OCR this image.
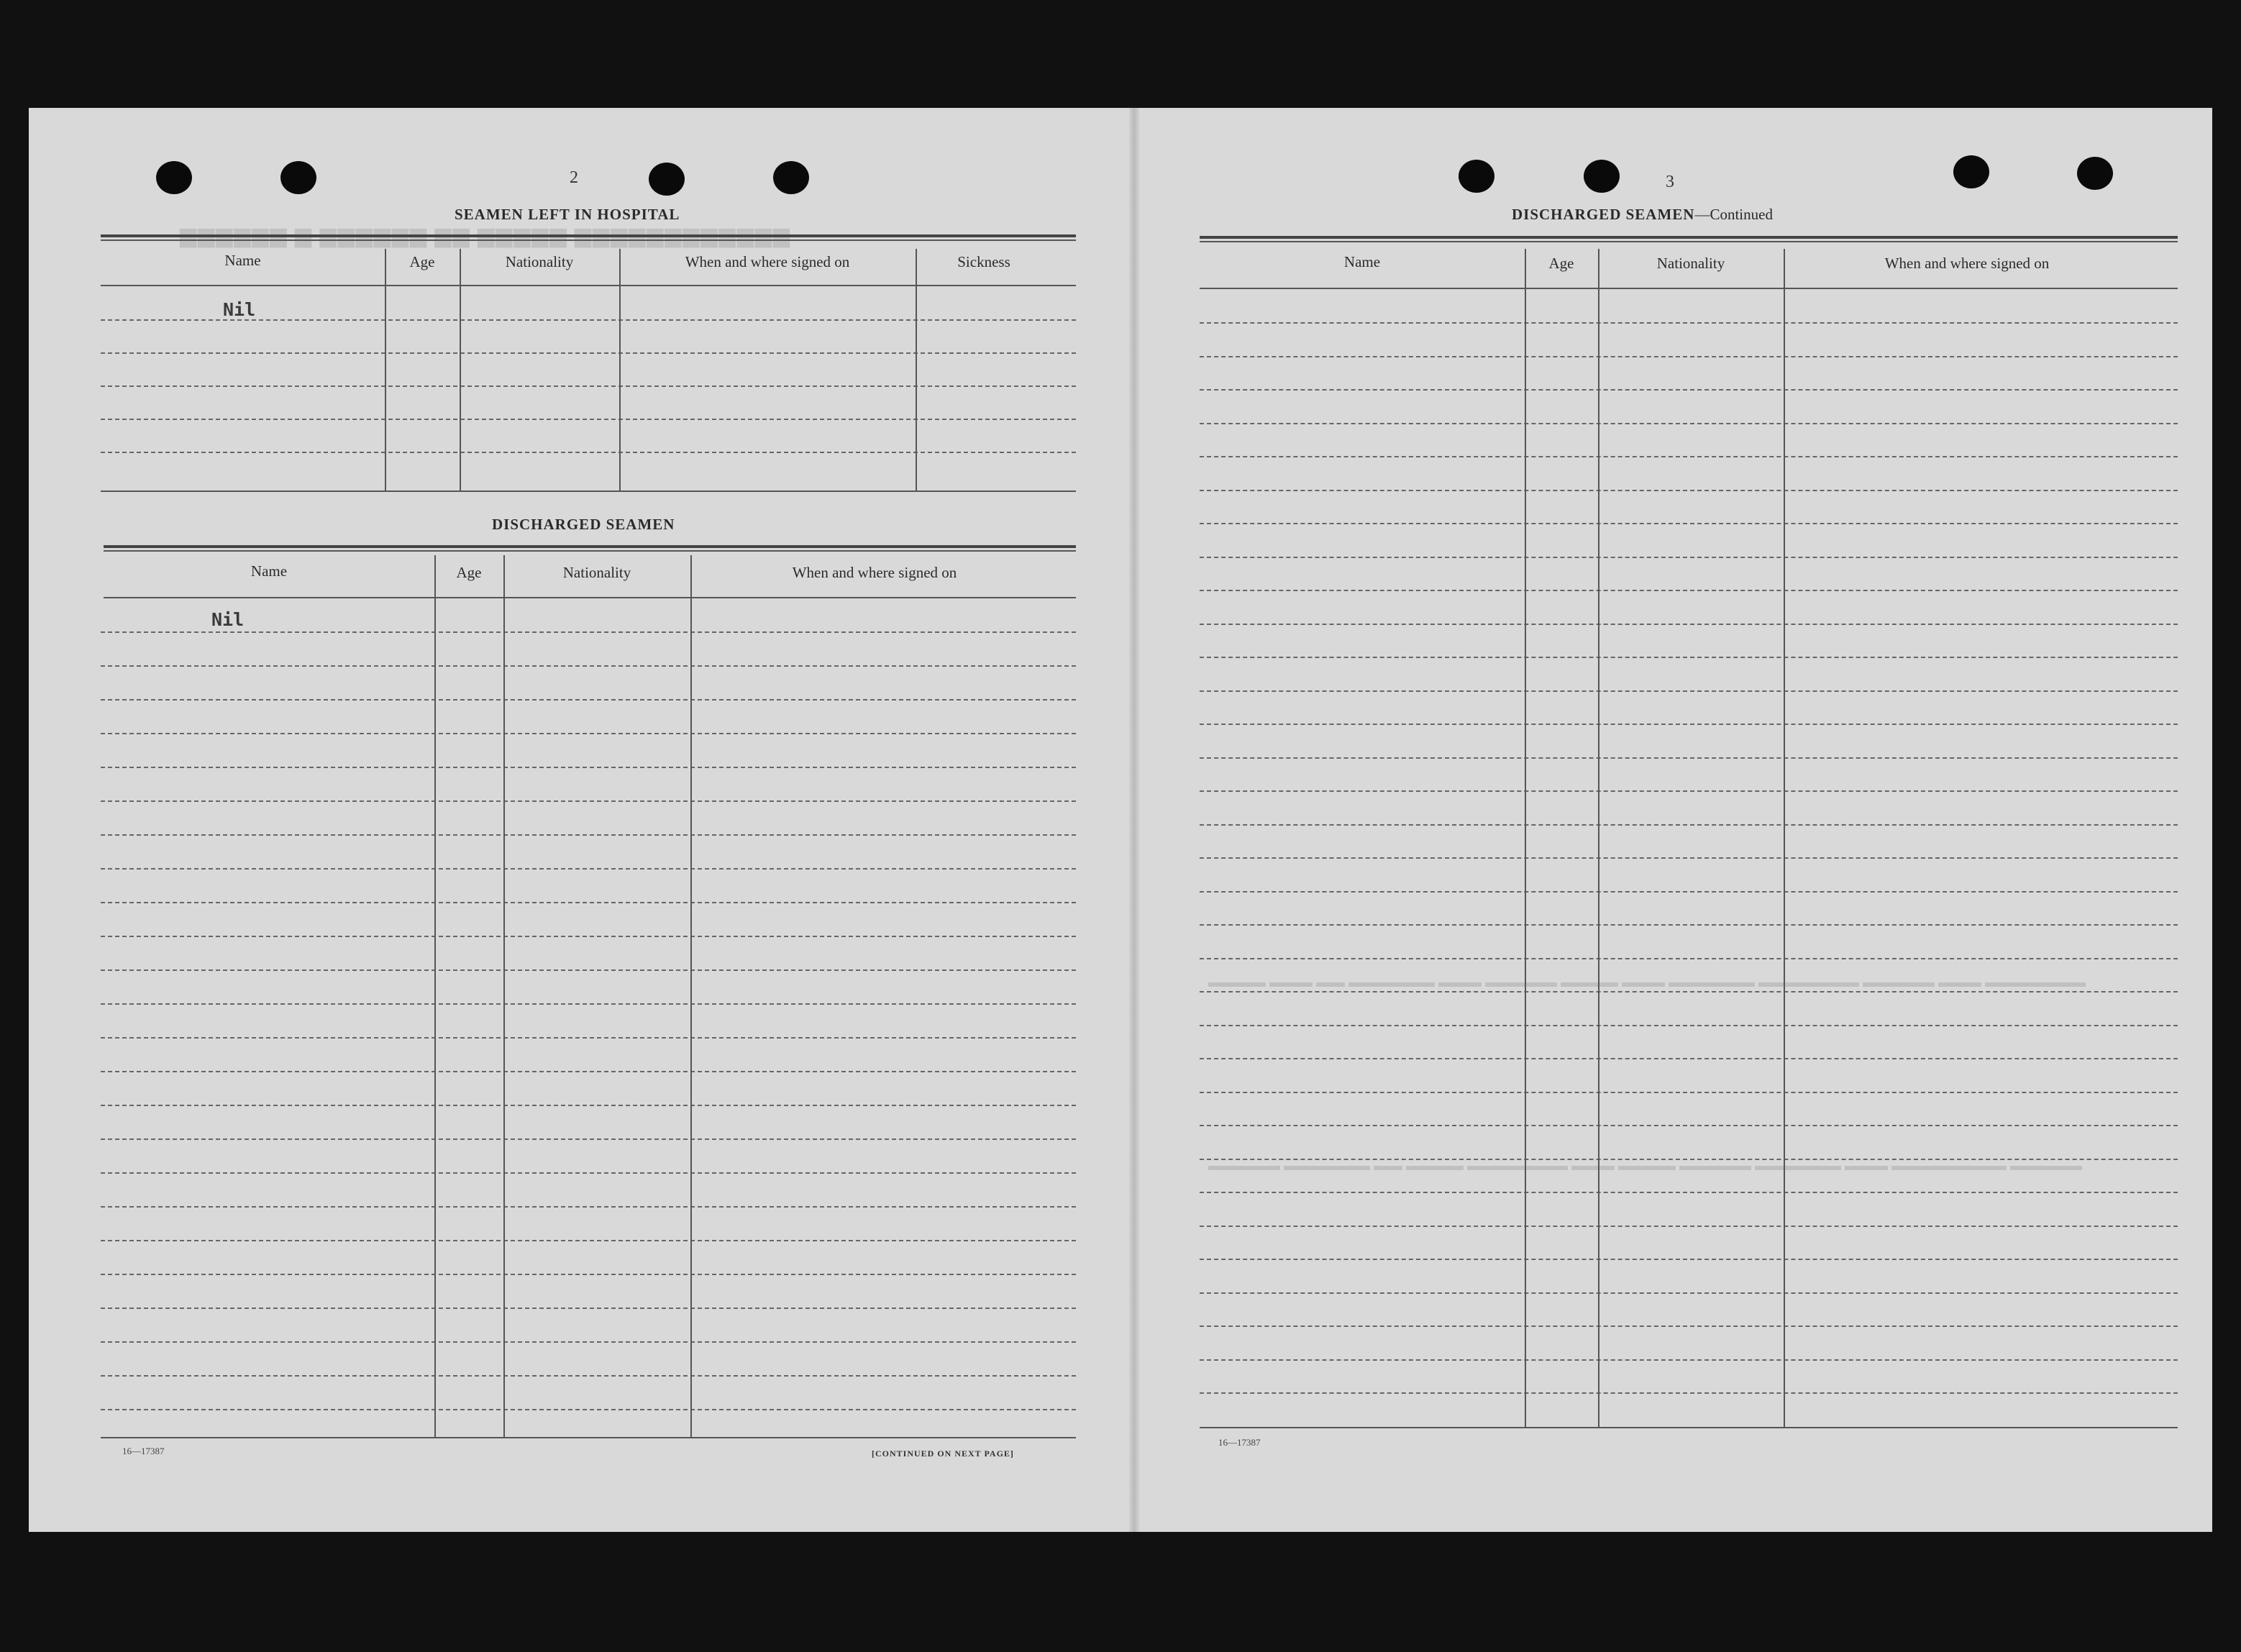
▆▆▆▆▆▆ ▆ ▆▆▆▆▆▆ ▆▆ ▆▆▆▆▆ ▆▆▆▆▆▆▆▆▆▆▆▆
▬▬▬▬ ▬▬▬ ▬▬ ▬▬▬▬▬▬ ▬▬▬ ▬▬▬▬▬ ▬▬▬▬ ▬▬▬ ▬▬▬▬▬▬ ▬▬▬▬▬▬▬ ▬▬▬▬▬ ▬▬▬ ▬▬▬▬▬▬▬
▬▬▬▬▬ ▬▬▬▬▬▬ ▬▬ ▬▬▬▬ ▬▬▬▬▬▬▬ ▬▬▬ ▬▬▬▬ ▬▬▬▬▬ ▬▬▬▬▬▬ ▬▬▬ ▬▬▬▬▬▬▬▬ ▬▬▬▬▬
2
SEAMEN LEFT IN HOSPITAL
Name	Age	Nationality	When and where signed on	Sickness
Nil
DISCHARGED SEAMEN
Name	Age	Nationality	When and where signed on
Nil
16—17387	[CONTINUED ON NEXT PAGE]
3
DISCHARGED SEAMEN—Continued
Name	Age	Nationality	When and where signed on
16—17387
